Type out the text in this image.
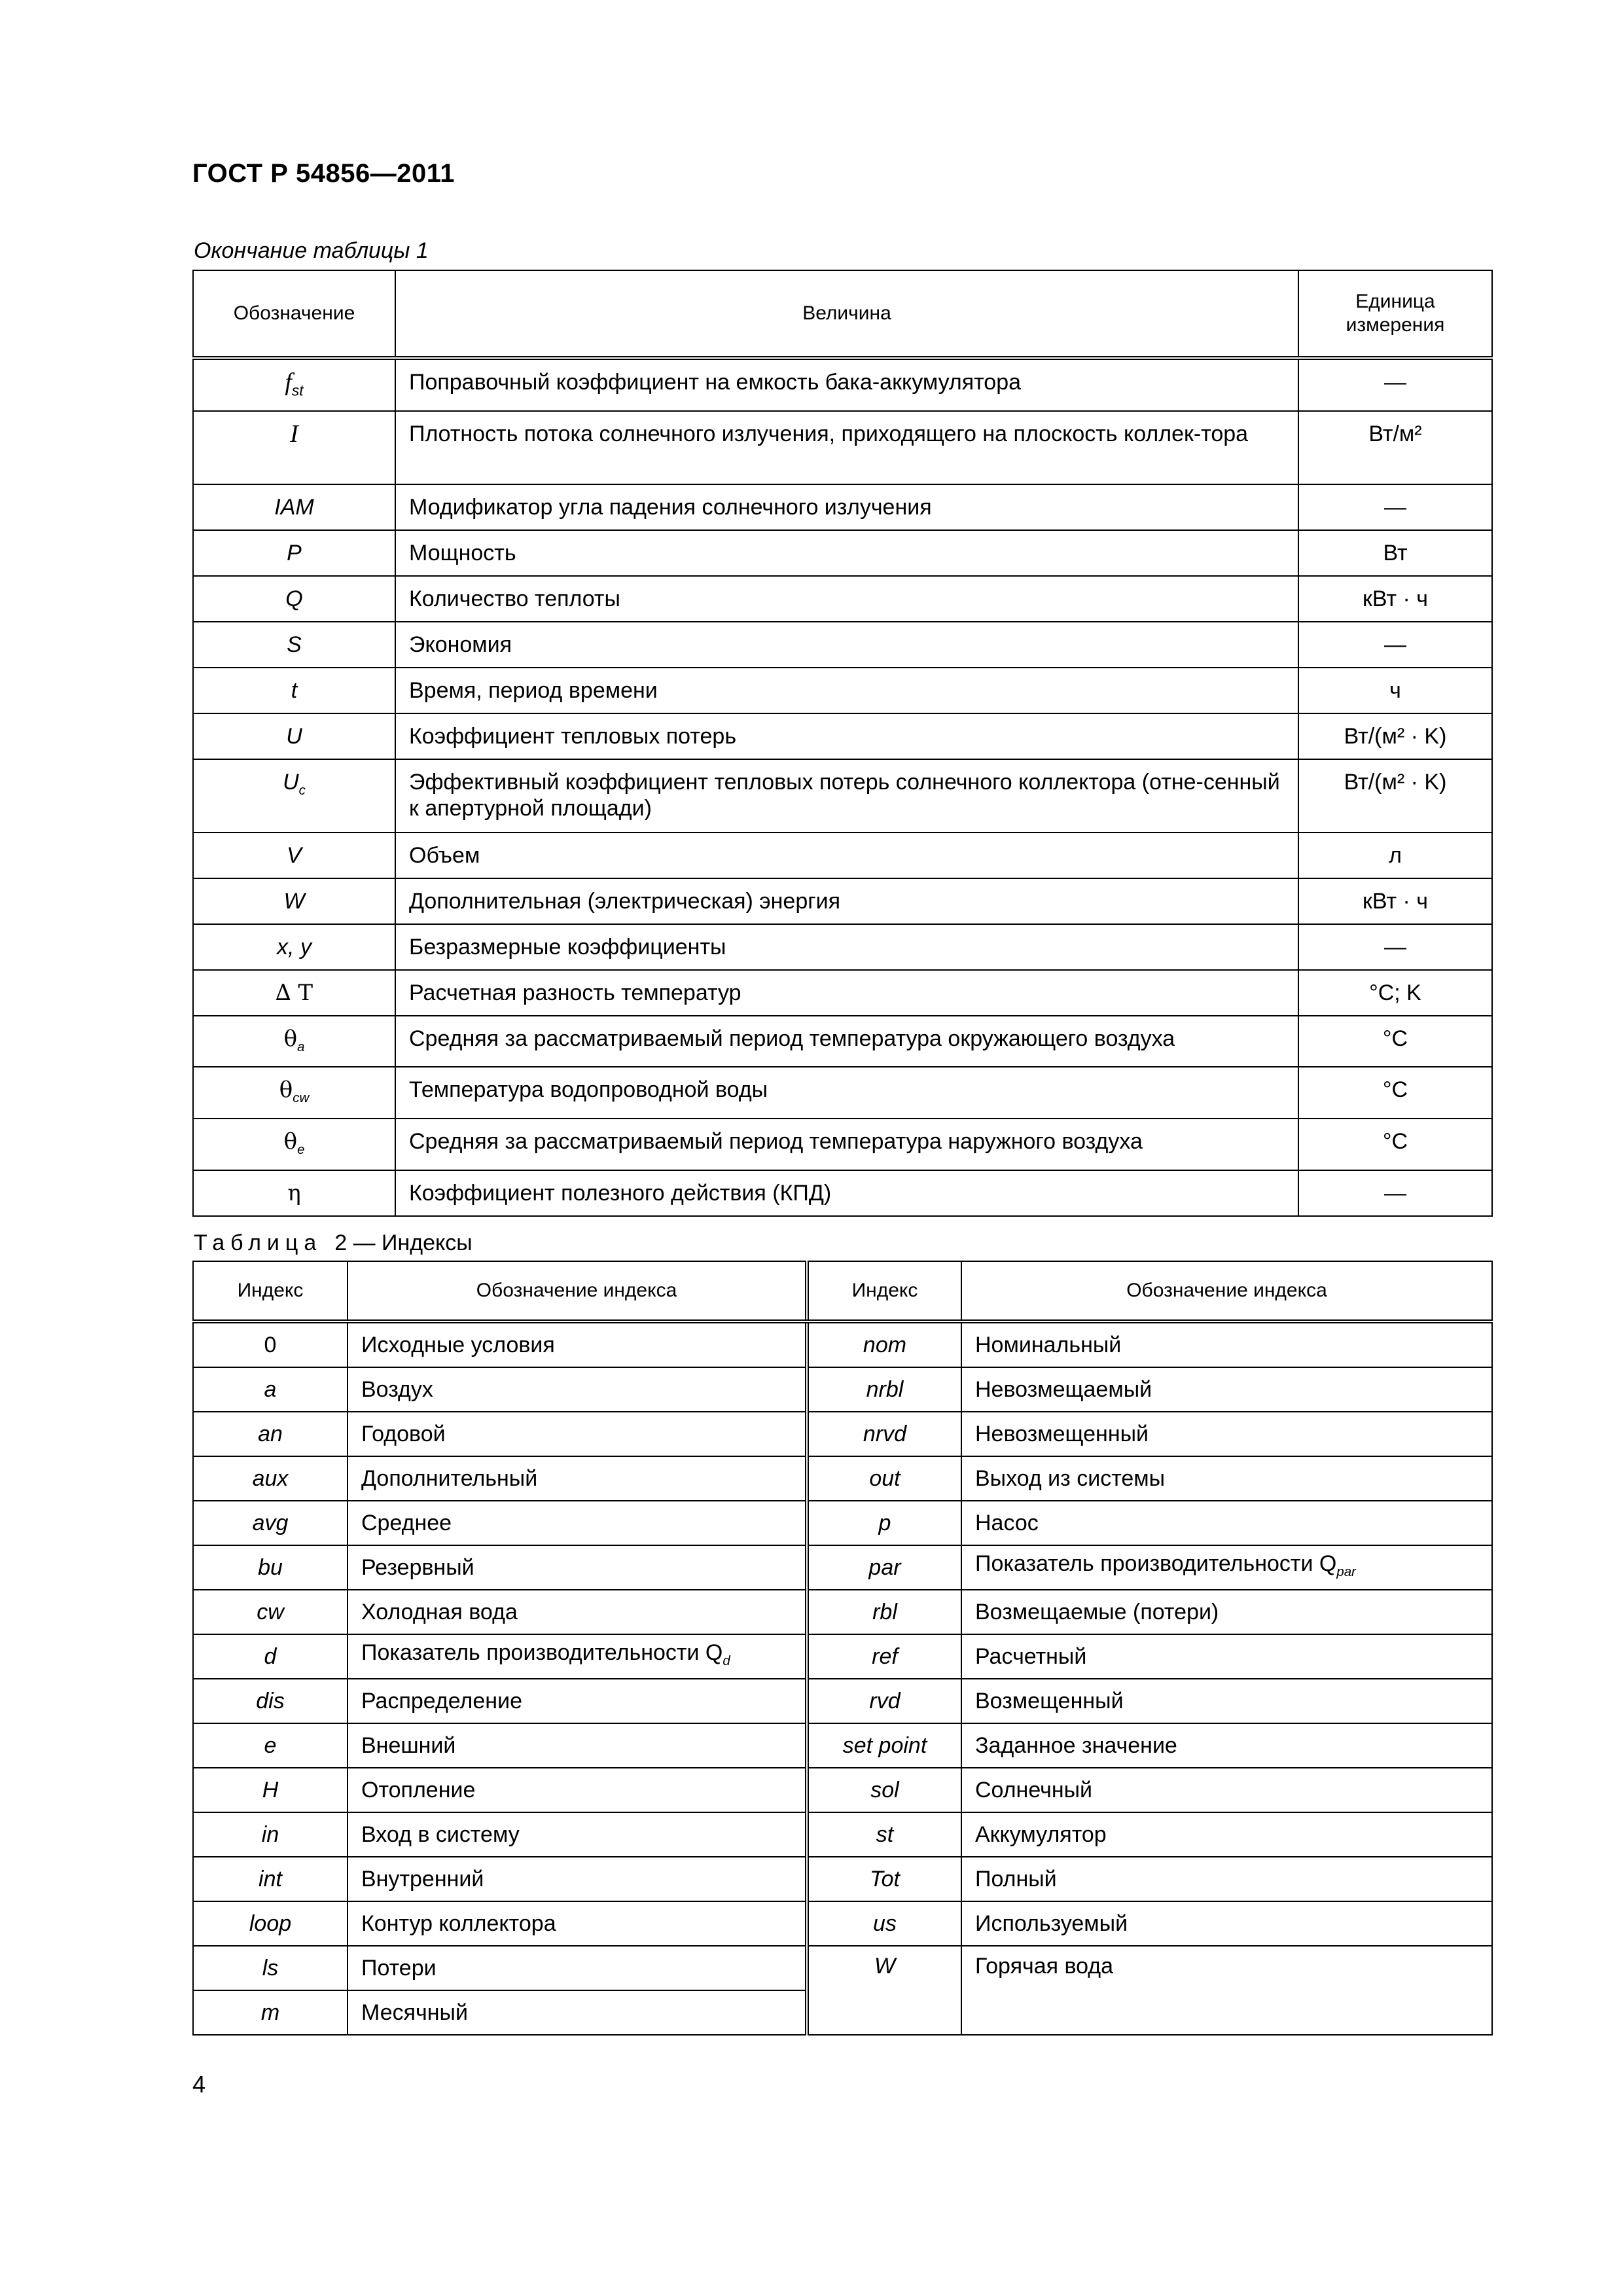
ГОСТ Р 54856—2011
Окончание таблицы 1
Обозначение	Величина	Единица измерения
$f_{st}$	Поправочный коэффициент на емкость бака-аккумулятора	—
I	Плотность потока солнечного излучения, приходящего на плоскость коллек-тора	Вт/м²
IAM	Модификатор угла падения солнечного излучения	—
P	Мощность	Вт
Q	Количество теплоты	кВт · ч
S	Экономия	—
t	Время, период времени	ч
U	Коэффициент тепловых потерь	Вт/(м² · K)
$U_c$	Эффективный коэффициент тепловых потерь солнечного коллектора (отне-сенный к апертурной площади)	Вт/(м² · K)
V	Объем	л
W	Дополнительная (электрическая) энергия	кВт · ч
x, y	Безразмерные коэффициенты	—
∆ T	Расчетная разность температур	°C; K
$\theta_a$	Средняя за рассматриваемый период температура окружающего воздуха	°C
$\theta_{cw}$	Температура водопроводной воды	°C
$\theta_e$	Средняя за рассматриваемый период температура наружного воздуха	°C
η	Коэффициент полезного действия (КПД)	—
Таблица 2 — Индексы
Индекс	Обозначение индекса	Индекс	Обозначение индекса
0	Исходные условия	nom	Номинальный
a	Воздух	nrbl	Невозмещаемый
an	Годовой	nrvd	Невозмещенный
aux	Дополнительный	out	Выход из системы
avg	Среднее	p	Насос
bu	Резервный	par	Показатель производительности $Q_{par}$
cw	Холодная вода	rbl	Возмещаемые (потери)
d	Показатель производительности $Q_d$	ref	Расчетный
dis	Распределение	rvd	Возмещенный
e	Внешний	set point	Заданное значение
H	Отопление	sol	Солнечный
in	Вход в систему	st	Аккумулятор
int	Внутренний	Tot	Полный
loop	Контур коллектора	us	Используемый
ls	Потери	W	Горячая вода
m	Месячный		
4
